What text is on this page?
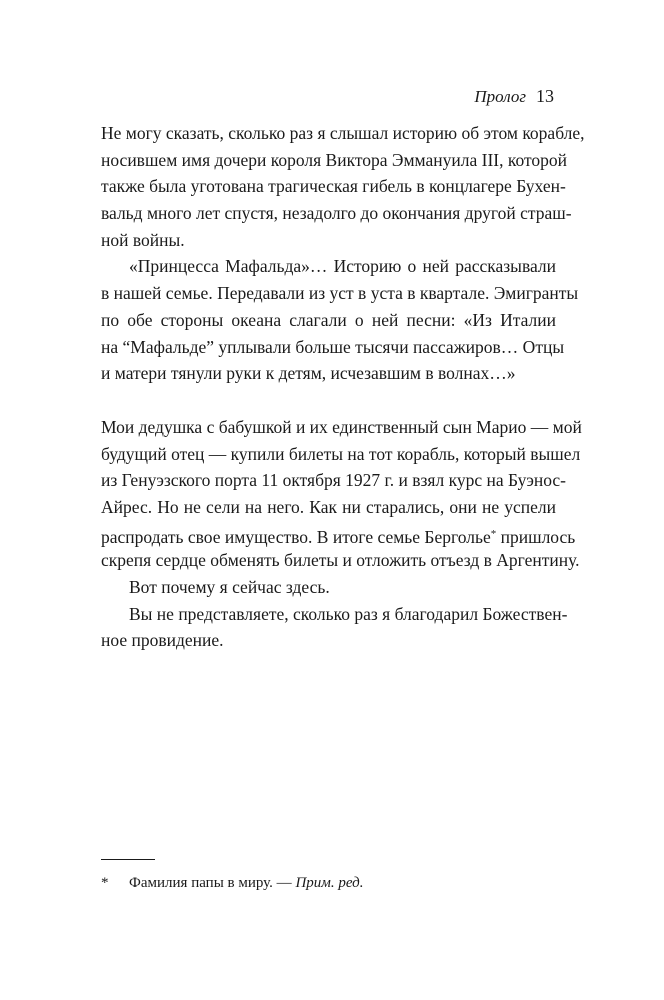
Пролог 13
Не могу сказать, сколько раз я слышал историю об этом корабле,
носившем имя дочери короля Виктора Эммануила III, которой
также была уготована трагическая гибель в концлагере Бухен-
вальд много лет спустя, незадолго до окончания другой страш-
ной войны.
«Принцесса Мафальда»… Историю о ней рассказывали
в нашей семье. Передавали из уст в уста в квартале. Эмигранты
по обе стороны океана слагали о ней песни: «Из Италии
на “Мафальде” уплывали больше тысячи пассажиров… Отцы
и матери тянули руки к детям, исчезавшим в волнах…»
Мои дедушка с бабушкой и их единственный сын Марио — мой
будущий отец — купили билеты на тот корабль, который вышел
из Генуэзского порта 11 октября 1927 г. и взял курс на Буэнос-
Айрес. Но не сели на него. Как ни старались, они не успели
распродать свое имущество. В итоге семье Берголье* пришлось
скрепя сердце обменять билеты и отложить отъезд в Аргентину.
Вот почему я сейчас здесь.
Вы не представляете, сколько раз я благодарил Божествен-
ное провидение.
* Фамилия папы в миру. — Прим. ред.
